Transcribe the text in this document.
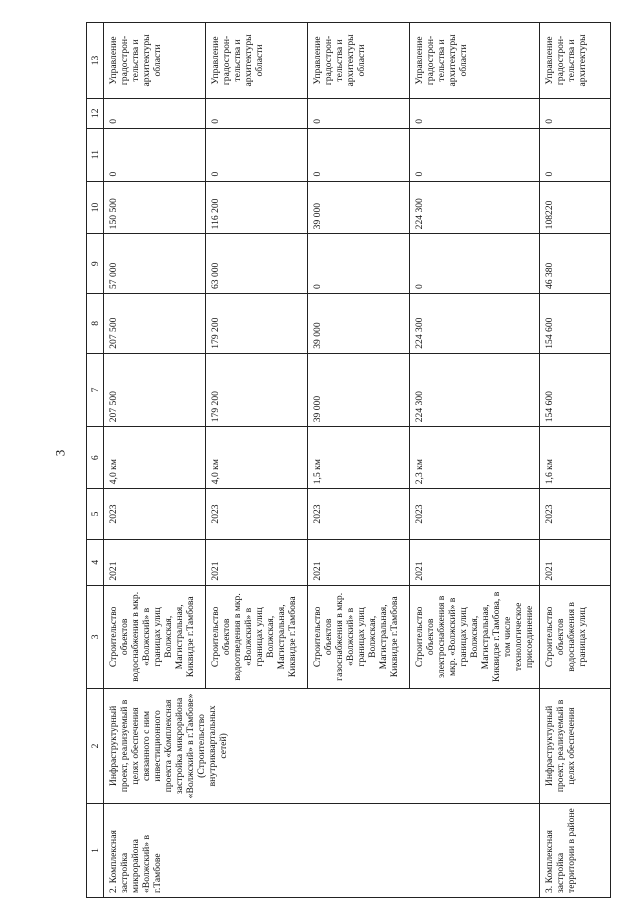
3
1	2	3	4	5	6	7	8	9	10	11	12	13
2. Комплексная застройка микрорайона «Волжский» в г.Тамбове	Инфраструктурный проект, реализуемый в целях обеспечения связанного с ним инвестиционного проекта «Комплексная застройка микрорайона «Волжский» в г.Тамбове» (Строительство внутриквартальных сетей)	Строительство объектов водоснабжения в мкр. «Волжский» в границах улиц Волжская, Магистральная, Киквидзе г.Тамбова	2021	2023	4,0 км	207 500	207 500	57 000	150 500	0	0	Управление градострон-тельства и архитектуры области
		Строительство объектов водоотведения в мкр. «Волжский» в границах улиц Волжская, Магистральная, Киквидзе г.Тамбова	2021	2023	4,0 км	179 200	179 200	63 000	116 200	0	0	Управление градострон-тельства и архитектуры области
		Строительство объектов газоснабжения в мкр. «Волжский» в границах улиц Волжская, Магистральная, Киквидзе г.Тамбова	2021	2023	1,5 км	39 000	39 000	0	39 000	0	0	Управление градострон-тельства и архитектуры области
		Строительство объектов электроснабжения в мкр. «Волжский» в границах улиц Волжская, Магистральная, Киквидзе г.Тамбова, в том числе технологическое присоединение	2021	2023	2,3 км	224 300	224 300	0	224 300	0	0	Управление градострон-тельства и архитектуры области
3. Комплексная застройка территории в районе	Инфраструктурный проект, реализуемый в целях обеспечения	Строительство объектов водоснабжения в границах улиц	2021	2023	1,6 км	154 600	154 600	46 380	108220	0	0	Управление градострон-тельства и архитектуры
